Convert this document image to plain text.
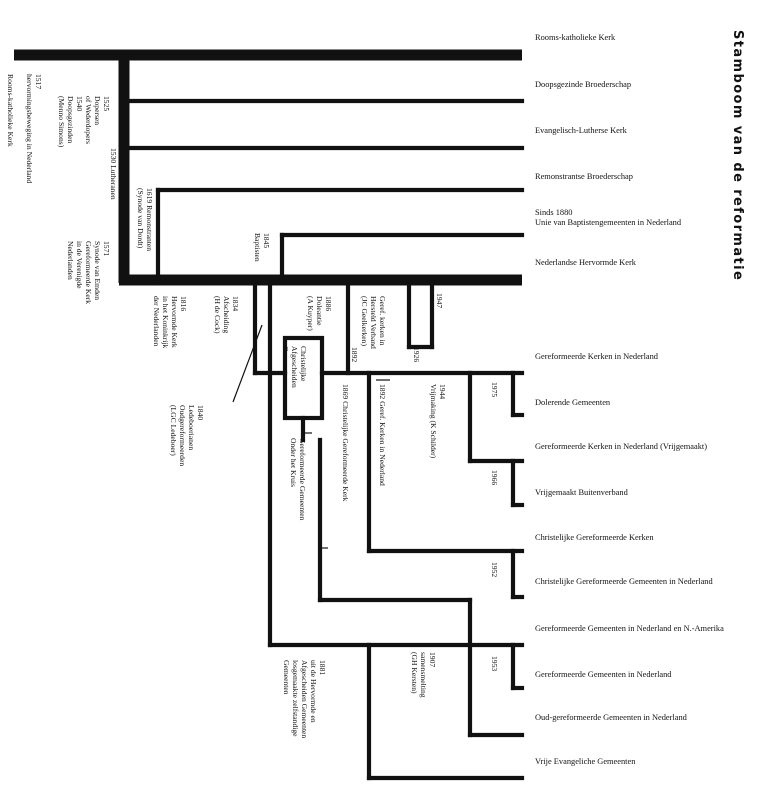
Stamboom van de reformatie
Rooms-katholieke Kerk
Doopsgezinde Broederschap
Evangelisch-Lutherse Kerk
Remonstrantse Broederschap
Sinds 1880
Unie van Baptistengemeenten in Nederland
Nederlandse Hervormde Kerk
Gereformeerde Kerken in Nederland
Dolerende Gemeenten
Gereformeerde Kerken in Nederland (Vrijgemaakt)
Vrijgemaakt Buitenverband
Christelijke Gereformeerde Kerken
Christelijke Gereformeerde Gemeenten in Nederland
Gereformeerde Gemeenten in Nederland en N.-Amerika
Gereformeerde Gemeenten in Nederland
Oud-gereformeerde Gemeenten in Nederland
Vrije Evangeliche Gemeenten
1517
hervormingsbeweging in Nederland
Rooms-katholieke Kerk	1525
Dopersen
of Wederdopers
1540
Doopsgezinden
(Menno Simons)
1530 Lutheranen
1571
Synode van Emden
Gereformeerde Kerk
in de Verenigde
Nederlanden
1619 Remonstranten
(Synode van Dordt)	1845
Baptisten
1834
Afscheiding
(H de Cock)
1816
Hervormde Kerk
in het Koninkrijk
der Nederlanden	1886
Doleantie
(A Kuyper)	Geref. kerken in
Hersteld Verband
(JC Geelkerken)	1947
1926
1892
1840
Ledeboerianen
Oudgereformeerden
(LGC Ledeboer)
Christelijke
Afgescheiden
Gemeenten
Gereformeerde Gemeenten
Onder het Kruis	1869 Christelijke Gereformeerde Kerk	1892 Geref. Kerken in Nederland	1944
Vrijmaking (K Schilder)	1975
1966
1952
1907
samensmelting
(GH Kersten)	1953
1881
uit de Hervormde en
Afgescheiden Gemeenten
losgemaakte zelfstandige
Gemeenten
